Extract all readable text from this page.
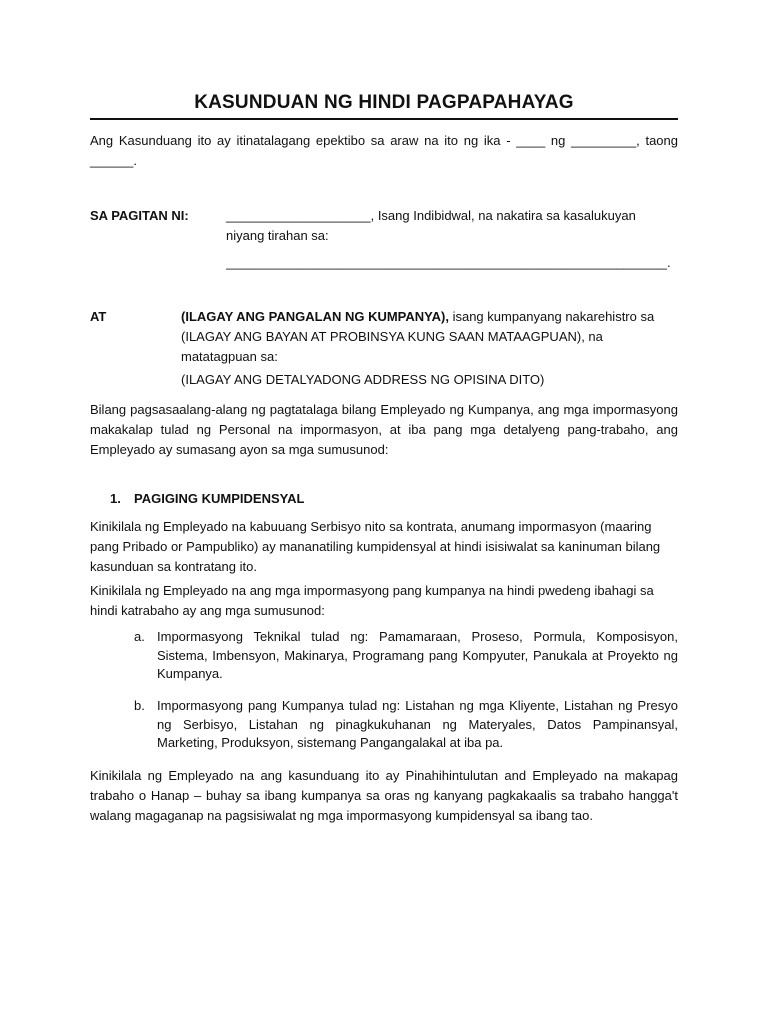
KASUNDUAN NG HINDI PAGPAPAHAYAG

Ang Kasunduang ito ay itinatalagang epektibo sa araw na ito ng ika - ____ ng _________, taong ______.

SA PAGITAN NI:	____________________, Isang Indibidwal, na nakatira sa kasalukuyan niyang tirahan sa:

_____________________________________________________________.

AT	(ILAGAY ANG PANGALAN NG KUMPANYA), isang kumpanyang nakarehistro sa (ILAGAY ANG BAYAN AT PROBINSYA KUNG SAAN MATAAGPUAN), na matatagpuan sa:

(ILAGAY ANG DETALYADONG ADDRESS NG OPISINA DITO)

Bilang pagsasaalang-alang ng pagtatalaga bilang Empleyado ng Kumpanya, ang mga impormasyong makakalap tulad ng Personal na impormasyon, at iba pang mga detalyeng pang-trabaho, ang Empleyado ay sumasang ayon sa mga sumusunod:

1. PAGIGING KUMPIDENSYAL

Kinikilala ng Empleyado na kabuuang Serbisyo nito sa kontrata, anumang impormasyon (maaring pang Pribado or Pampubliko) ay mananatiling kumpidensyal at hindi isisiwalat sa kaninuman bilang kasunduan sa kontratang ito.

Kinikilala ng Empleyado na ang mga impormasyong pang kumpanya na hindi pwedeng ibahagi sa hindi katrabaho ay ang mga sumusunod:

a. Impormasyong Teknikal tulad ng: Pamamaraan, Proseso, Pormula, Komposisyon, Sistema, Imbensyon, Makinarya, Programang pang Kompyuter, Panukala at Proyekto ng Kumpanya.
b. Impormasyong pang Kumpanya tulad ng: Listahan ng mga Kliyente, Listahan ng Presyo ng Serbisyo, Listahan ng pinagkukuhanan ng Materyales, Datos Pampinansyal, Marketing, Produksyon, sistemang Pangangalakal at iba pa.

Kinikilala ng Empleyado na ang kasunduang ito ay Pinahihintulutan and Empleyado na makapag trabaho o Hanap – buhay sa ibang kumpanya sa oras ng kanyang pagkakaalis sa trabaho hangga't walang magaganap na pagsisiwalat ng mga impormasyong kumpidensyal sa ibang tao.
